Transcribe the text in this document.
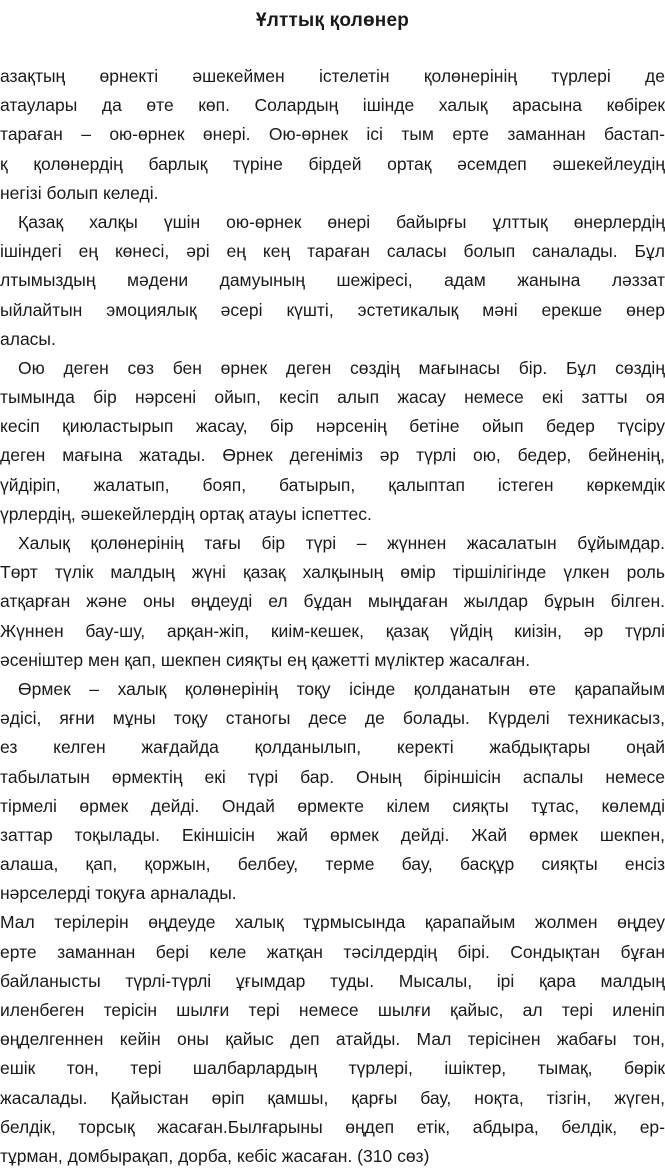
Ұлттық қолөнер
азақтың өрнекті әшекеймен істелетін қолөнерінің түрлері де
атаулары да өте көп. Солардың ішінде халық арасына көбірек
тараған – ою-өрнек өнері. Ою-өрнек ісі тым ерте заманнан бастап-
қ қолөнердің барлық түріне бірдей ортақ әсемдеп әшекейлеудің
негізі болып келеді.
Қазақ халқы үшін ою-өрнек өнері байырғы ұлттық өнерлердің
ішіндегі ең көнесі, әрі ең кең тараған саласы болып саналады. Бұл
лтымыздың мәдени дамуының шежіресі, адам жанына ләззат
ыйлайтын эмоциялық әсері күшті, эстетикалық мәні ерекше өнер
аласы.
Ою деген сөз бен өрнек деген сөздің мағынасы бір. Бұл сөздің
тымында бір нәрсені ойып, кесіп алып жасау немесе екі затты оя
кесіп қиюластырып жасау, бір нәрсенің бетіне ойып бедер түсіру
деген мағына жатады. Өрнек дегеніміз әр түрлі ою, бедер, бейненің,
үйдіріп, жалатып, бояп, батырып, қалыптап істеген көркемдік
үрлердің, әшекейлердің ортақ атауы іспеттес.
Халық қолөнерінің тағы бір түрі – жүннен жасалатын бұйымдар.
Төрт түлік малдың жүні қазақ халқының өмір тіршілігінде үлкен роль
атқарған және оны өңдеуді ел бұдан мыңдаған жылдар бұрын білген.
Жүннен бау-шу, арқан-жіп, киім-кешек, қазақ үйдің киізін, әр түрлі
әсеніштер мен қап, шекпен сияқты ең қажетті мүліктер жасалған.
Өрмек – халық қолөнерінің тоқу ісінде қолданатын өте қарапайым
әдісі, яғни мұны тоқу станогы десе де болады. Күрделі техникасыз,
ез келген жағдайда қолданылып, керекті жабдықтары оңай
табылатын өрмектің екі түрі бар. Оның біріншісін аспалы немесе
тірмелі өрмек дейді. Ондай өрмекте кілем сияқты тұтас, көлемді
заттар тоқылады. Екіншісін жай өрмек дейді. Жай өрмек шекпен,
алаша, қап, қоржын, белбеу, терме бау, басқұр сияқты енсіз
нәрселерді тоқуға арналады.
Мал терілерін өңдеуде халық тұрмысында қарапайым жолмен өңдеу
ерте заманнан бері келе жатқан тәсілдердің бірі. Сондықтан бұған
байланысты түрлі-түрлі ұғымдар туды. Мысалы, ірі қара малдың
иленбеген терісін шылғи тері немесе шылғи қайыс, ал тері иленіп
өңделгеннен кейін оны қайыс деп атайды. Мал терісінен жабағы тон,
ешік тон, тері шалбарлардың түрлері, ішіктер, тымақ, бөрік
жасалады. Қайыстан өріп қамшы, қарғы бау, ноқта, тізгін, жүген,
белдік, торсық жасаған.Былғарыны өңдеп етік, абдыра, белдік, ер-
тұрман, домбырақап, дорба, кебіс жасаған. (310 сөз)
